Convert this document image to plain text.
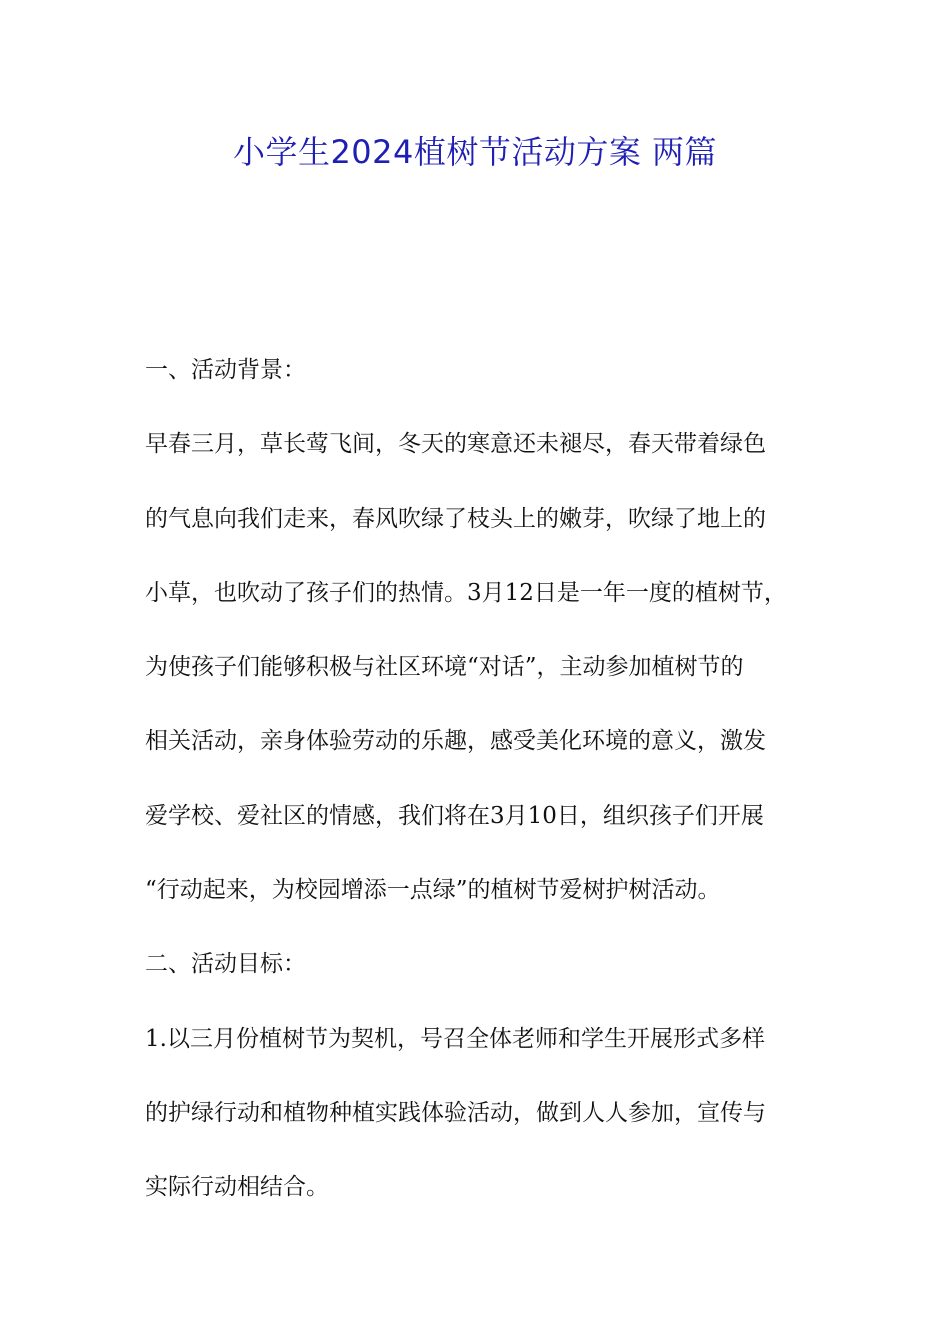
小学生2024植树节活动方案 两篇
一、活动背景：
早春三月，草长莺飞间，冬天的寒意还未褪尽，春天带着绿色
的气息向我们走来，春风吹绿了枝头上的嫩芽，吹绿了地上的
小草，也吹动了孩子们的热情。3月12日是一年一度的植树节，
为使孩子们能够积极与社区环境“对话”，主动参加植树节的
相关活动，亲身体验劳动的乐趣，感受美化环境的意义，激发
爱学校、爱社区的情感，我们将在3月10日，组织孩子们开展
“行动起来，为校园增添一点绿”的植树节爱树护树活动。
二、活动目标：
1.以三月份植树节为契机，号召全体老师和学生开展形式多样
的护绿行动和植物种植实践体验活动，做到人人参加，宣传与
实际行动相结合。
